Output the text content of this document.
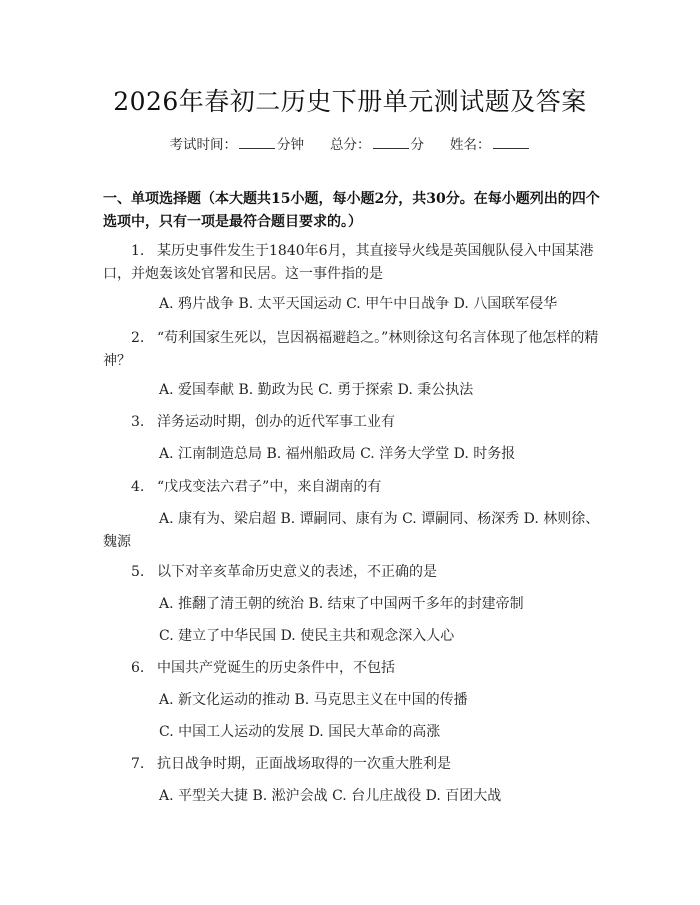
2026年春初二历史下册单元测试题及答案
考试时间：	分钟 总分：	分 姓名：
一、单项选择题（本大题共15小题，每小题2分，共30分。在每小题列出的四个选项中，只有一项是最符合题目要求的。）
1. 某历史事件发生于1840年6月，其直接导火线是英国舰队侵入中国某港口，并炮轰该处官署和民居。这一事件指的是
A. 鸦片战争 B. 太平天国运动 C. 甲午中日战争 D. 八国联军侵华
2. “苟利国家生死以，岂因祸福避趋之。”林则徐这句名言体现了他怎样的精神？
A. 爱国奉献 B. 勤政为民 C. 勇于探索 D. 秉公执法
3. 洋务运动时期，创办的近代军事工业有
A. 江南制造总局 B. 福州船政局 C. 洋务大学堂 D. 时务报
4. “戊戌变法六君子”中，来自湖南的有
A. 康有为、梁启超 B. 谭嗣同、康有为 C. 谭嗣同、杨深秀 D. 林则徐、魏源
5. 以下对辛亥革命历史意义的表述，不正确的是
A. 推翻了清王朝的统治 B. 结束了中国两千多年的封建帝制
C. 建立了中华民国 D. 使民主共和观念深入人心
6. 中国共产党诞生的历史条件中，不包括
A. 新文化运动的推动 B. 马克思主义在中国的传播
C. 中国工人运动的发展 D. 国民大革命的高涨
7. 抗日战争时期，正面战场取得的一次重大胜利是
A. 平型关大捷 B. 淞沪会战 C. 台儿庄战役 D. 百团大战
